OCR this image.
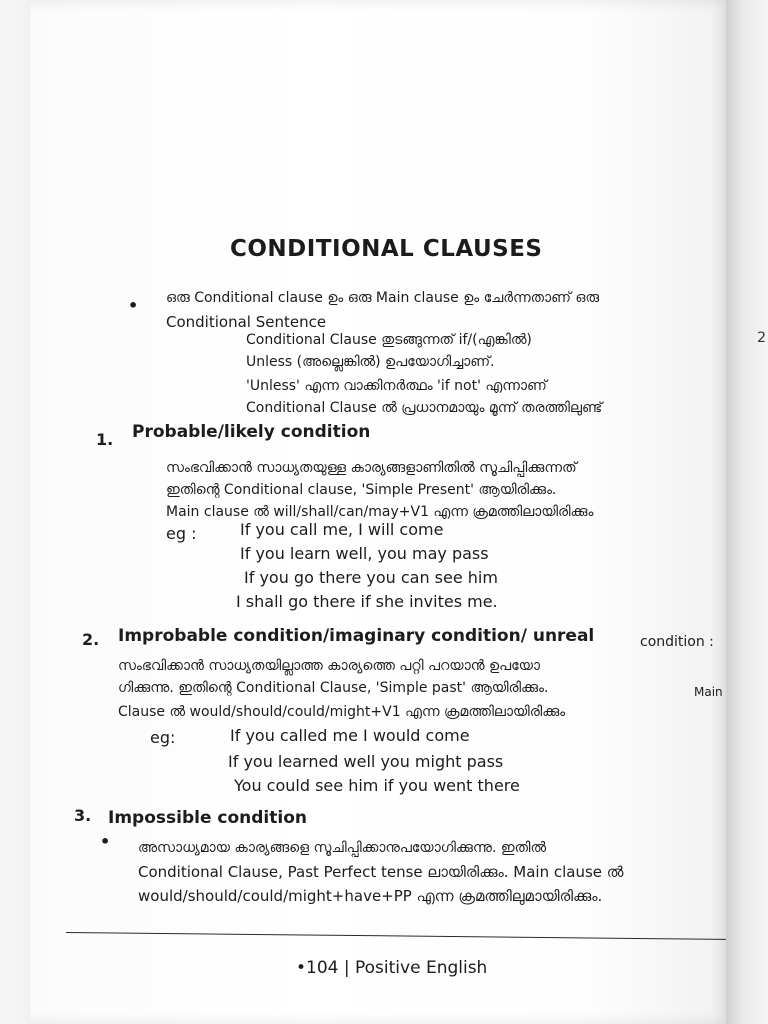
2
CONDITIONAL CLAUSES
• ഒരു Conditional clause ഉം ഒരു Main clause ഉം ചേർന്നതാണ് ഒരു
Conditional Sentence
Conditional Clause തുടങ്ങുന്നത് if/(എങ്കിൽ)
Unless (അല്ലെങ്കിൽ) ഉപയോഗിച്ചാണ്.
'Unless' എന്ന വാക്കിനർത്ഥം 'if not' എന്നാണ്
Conditional Clause ൽ പ്രധാനമായും മൂന്ന് തരത്തിലുണ്ട്
1. Probable/likely condition
സംഭവിക്കാൻ സാധ്യതയുള്ള കാര്യങ്ങളാണിതിൽ സൂചിപ്പിക്കുന്നത്
ഇതിന്റെ Conditional clause, 'Simple Present' ആയിരിക്കും.
Main clause ൽ will/shall/can/may+V1 എന്ന ക്രമത്തിലായിരിക്കും
eg :	If you call me, I will come
If you learn well, you may pass
If you go there you can see him
I shall go there if she invites me.
2. Improbable condition/imaginary condition/ unreal	condition :
സംഭവിക്കാൻ സാധ്യതയില്ലാത്ത കാര്യത്തെ പറ്റി പറയാൻ ഉപയോ
ഗിക്കുന്നു. ഇതിന്റെ Conditional Clause, 'Simple past' ആയിരിക്കും.	Main
Clause ൽ would/should/could/might+V1 എന്ന ക്രമത്തിലായിരിക്കും
eg:	If you called me I would come
If you learned well you might pass
You could see him if you went there
3. Impossible condition
• അസാധ്യമായ കാര്യങ്ങളെ സൂചിപ്പിക്കാനുപയോഗിക്കുന്നു. ഇതിൽ
Conditional Clause, Past Perfect tense ലായിരിക്കും. Main clause ൽ
would/should/could/might+have+PP എന്ന ക്രമത്തിലുമായിരിക്കും.
•104 | Positive English
